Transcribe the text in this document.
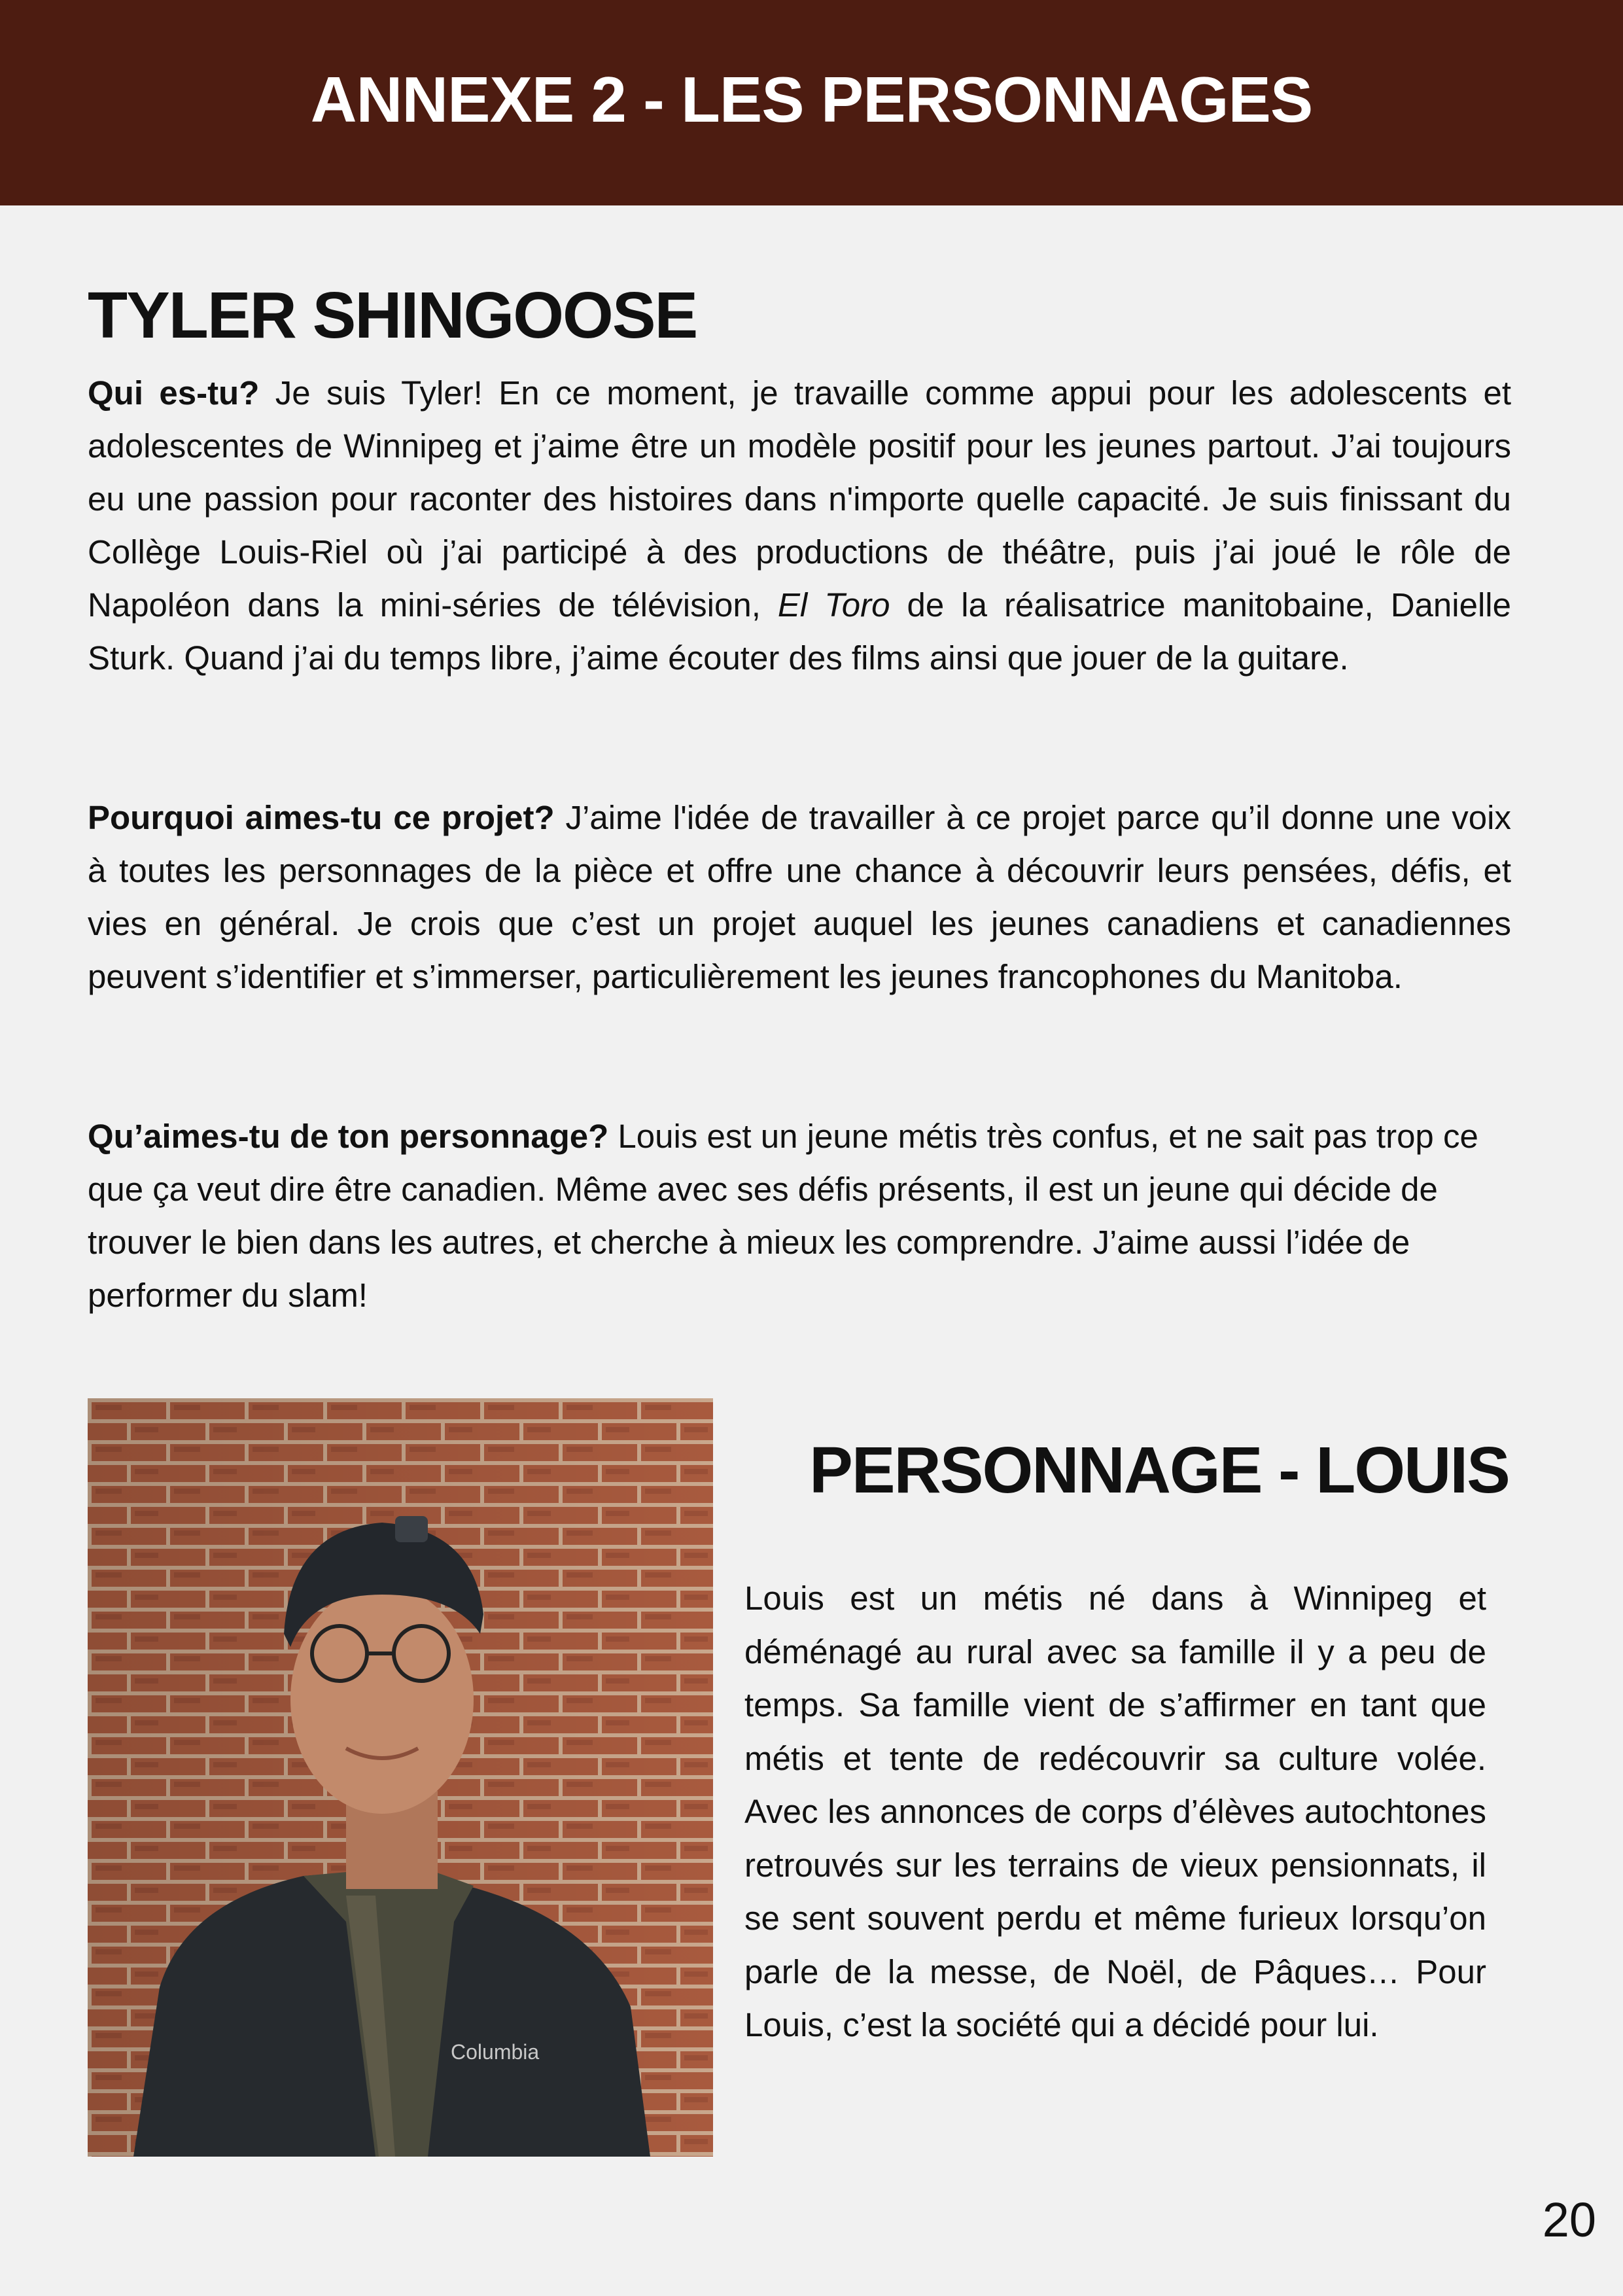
ANNEXE 2 - LES PERSONNAGES
TYLER SHINGOOSE

Qui es-tu? Je suis Tyler! En ce moment, je travaille comme appui pour les adolescents et adolescentes de Winnipeg et j’aime être un modèle positif pour les jeunes partout. J’ai toujours eu une passion pour raconter des histoires dans n'importe quelle capacité. Je suis finissant du Collège Louis-Riel où j’ai participé à des productions de théâtre, puis j’ai joué le rôle de Napoléon dans la mini-séries de télévision, El Toro de la réalisatrice manitobaine, Danielle Sturk. Quand j’ai du temps libre, j’aime écouter des films ainsi que jouer de la guitare.

Pourquoi aimes-tu ce projet? J’aime l'idée de travailler à ce projet parce qu’il donne une voix à toutes les personnages de la pièce et offre une chance à découvrir leurs pensées, défis, et vies en général. Je crois que c’est un projet auquel les jeunes canadiens et canadiennes peuvent s’identifier et s’immerser, particulièrement les jeunes francophones du Manitoba.

Qu’aimes-tu de ton personnage? Louis est un jeune métis très confus, et ne sait pas trop ce que ça veut dire être canadien. Même avec ses défis présents, il est un jeune qui décide de trouver le bien dans les autres, et cherche à mieux les comprendre. J’aime aussi l’idée de performer du slam!

Columbia
PERSONNAGE - LOUIS

Louis est un métis né dans à Winnipeg et déménagé au rural avec sa famille il y a peu de temps. Sa famille vient de s’affirmer en tant que métis et tente de redécouvrir sa culture volée. Avec les annonces de corps d’élèves autochtones retrouvés sur les terrains de vieux pensionnats, il se sent souvent perdu et même furieux lorsqu’on parle de la messe, de Noël, de Pâques… Pour Louis, c’est la société qui a décidé pour lui.

20
